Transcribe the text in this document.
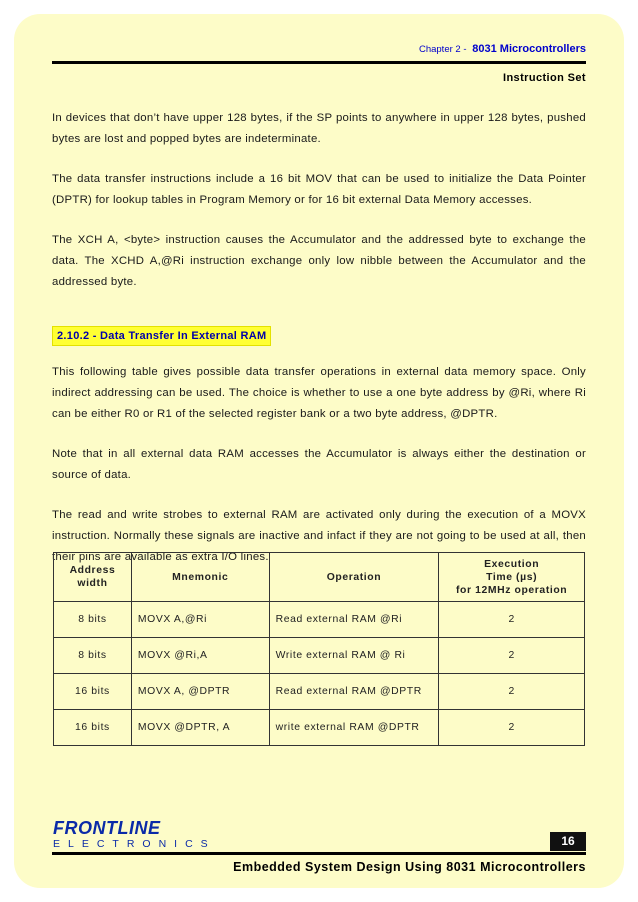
Chapter 2 - 8031 Microcontrollers
Instruction Set

In devices that don’t have upper 128 bytes, if the SP points to anywhere in upper 128 bytes, pushed bytes are lost and popped bytes are indeterminate.

The data transfer instructions include a 16 bit MOV that can be used to initialize the Data Pointer (DPTR) for lookup tables in Program Memory or for 16 bit external Data Memory accesses.

The XCH A, <byte> instruction causes the Accumulator and the addressed byte to exchange the data. The XCHD A,@Ri instruction exchange only low nibble between the Accumulator and the addressed byte.

2.10.2 - Data Transfer In External RAM

This following table gives possible data transfer operations in external data memory space. Only indirect addressing can be used. The choice is whether to use a one byte address by @Ri, where Ri can be either R0 or R1 of the selected register bank or a two byte address, @DPTR.

Note that in all external data RAM accesses the Accumulator is always either the destination or source of data.

The read and write strobes to external RAM are activated only during the execution of a MOVX instruction. Normally these signals are inactive and infact if they are not going to be used at all, then their pins are available as extra I/O lines.

Address
width	Mnemonic	Operation	Execution
Time (µs)
for 12MHz operation
8 bits	MOVX A,@Ri	Read external RAM @Ri	2
8 bits	MOVX @Ri,A	Write external RAM @ Ri	2
16 bits	MOVX A, @DPTR	Read external RAM @DPTR	2
16 bits	MOVX @DPTR, A	write external RAM @DPTR	2
FRONTLINE
ELECTRONICS	16
Embedded System Design Using 8031 Microcontrollers
